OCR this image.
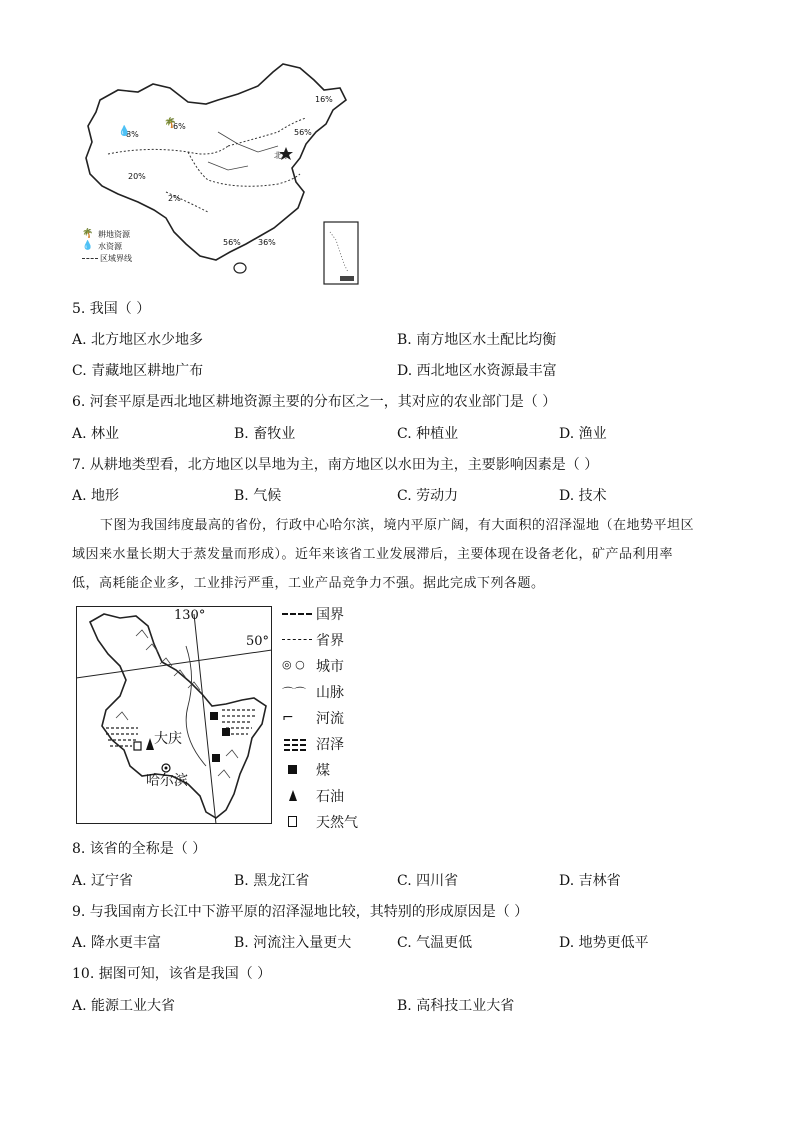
8%
6%
16%
56%
20%
2%
56% 36%
💧
🌴
北京
🌴 耕地资源
💧 水资源
区域界线
5. 我国（ ）
A. 北方地区水少地多	B. 南方地区水土配比均衡
C. 青藏地区耕地广布	D. 西北地区水资源最丰富
6. 河套平原是西北地区耕地资源主要的分布区之一，其对应的农业部门是（ ）
A. 林业	B. 畜牧业	C. 种植业	D. 渔业
7. 从耕地类型看，北方地区以旱地为主，南方地区以水田为主，主要影响因素是（ ）
A. 地形	B. 气候	C. 劳动力	D. 技术
下图为我国纬度最高的省份，行政中心哈尔滨，境内平原广阔，有大面积的沼泽湿地（在地势平坦区
域因来水量长期大于蒸发量而形成）。近年来该省工业发展滞后，主要体现在设备老化，矿产品利用率
低，高耗能企业多，工业排污严重，工业产品竞争力不强。据此完成下列各题。
130°
50°
大庆
哈尔滨
国界
省界
◎ ○ 城市
⌒⌒ 山脉
⌐	河流
沼泽
煤
石油
天然气
8. 该省的全称是（ ）
A. 辽宁省	B. 黑龙江省	C. 四川省	D. 吉林省
9. 与我国南方长江中下游平原的沼泽湿地比较，其特别的形成原因是（ ）
A. 降水更丰富	B. 河流注入量更大	C. 气温更低	D. 地势更低平
10. 据图可知，该省是我国（ ）
A. 能源工业大省	B. 高科技工业大省
